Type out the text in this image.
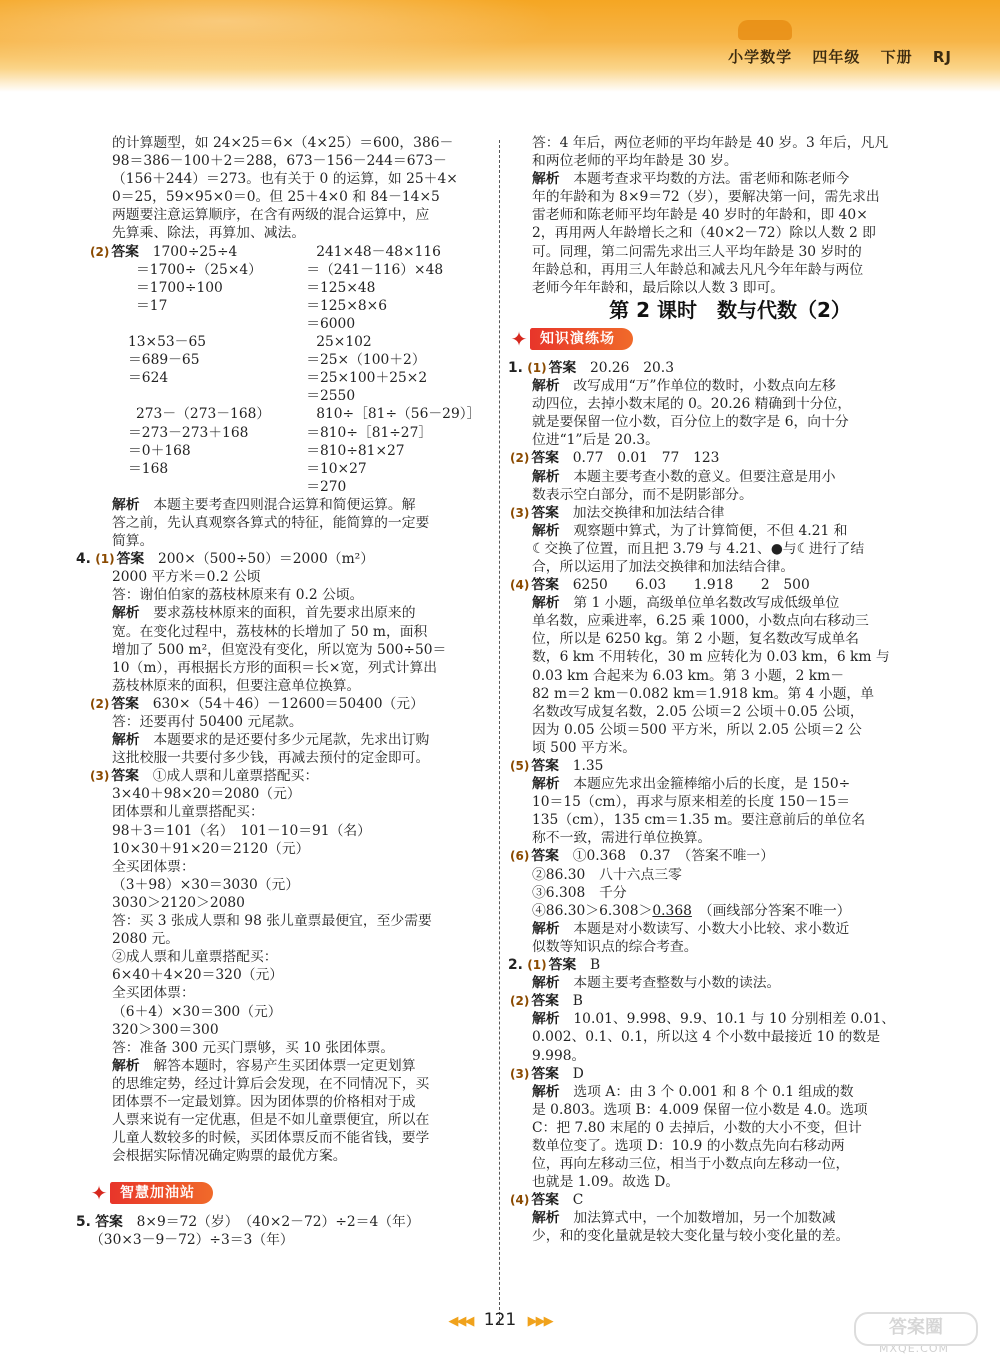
小学数学 四年级 下册 RJ
的计算题型，如 24×25＝6×（4×25）＝600，386－
98＝386－100＋2＝288，673－156－244＝673－
（156＋244）＝273。也有关于 0 的运算，如 25＋4×
0＝25，59×95×0＝0。但 25＋4×0 和 84－14×5
两题要注意运算顺序，在含有两级的混合运算中，应
先算乘、除法，再算加、减法。
(2) 答案　 1700÷25÷4
＝1700÷（25×4）
＝1700÷100
＝17

13×53－65
＝689－65
＝624

273－（273－168）
＝273－273＋168
＝0＋168
＝168
241×48－48×116
＝（241－116）×48
＝125×48
＝125×8×6
＝6000
25×102
＝25×（100＋2）
＝25×100＋25×2
＝2550
810÷［81÷（56－29）］
＝810÷［81÷27］
＝810÷81×27
＝10×27
＝270
解析　 本题主要考查四则混合运算和简便运算。解
答之前，先认真观察各算式的特征，能简算的一定要
简算。
4. (1) 答案　 200×（500÷50）＝2000（m²）
2000 平方米＝0.2 公顷
答：谢伯伯家的荔枝林原来有 0.2 公顷。
解析　 要求荔枝林原来的面积，首先要求出原来的
宽。在变化过程中，荔枝林的长增加了 50 m，面积
增加了 500 m²，但宽没有变化，所以宽为 500÷50＝
10（m），再根据长方形的面积＝长×宽，列式计算出
荔枝林原来的面积，但要注意单位换算。
(2) 答案　 630×（54＋46）－12600＝50400（元）
答：还要再付 50400 元尾款。
解析　 本题要求的是还要付多少元尾款，先求出订购
这批校服一共要付多少钱，再减去预付的定金即可。
(3) 答案　 ①成人票和儿童票搭配买：
3×40＋98×20＝2080（元）
团体票和儿童票搭配买：
98＋3＝101（名）　101－10＝91（名）
10×30＋91×20＝2120（元）
全买团体票：
（3＋98）×30＝3030（元）
3030＞2120＞2080
答：买 3 张成人票和 98 张儿童票最便宜，至少需要
2080 元。
②成人票和儿童票搭配买：
6×40＋4×20＝320（元）
全买团体票：
（6＋4）×30＝300（元）
320＞300＝300
答：准备 300 元买门票够，买 10 张团体票。
解析　 解答本题时，容易产生买团体票一定更划算
的思维定势，经过计算后会发现，在不同情况下，买
团体票不一定最划算。因为团体票的价格相对于成
人票来说有一定优惠，但是不如儿童票便宜，所以在
儿童人数较多的时候，买团体票反而不能省钱，要学
会根据实际情况确定购票的最优方案。
✦ 智慧加油站
5. 答案　 8×9＝72（岁）　（40×2－72）÷2＝4（年）
（30×3－9－72）÷3＝3（年）
答：4 年后，两位老师的平均年龄是 40 岁。3 年后，凡凡
和两位老师的平均年龄是 30 岁。
解析　 本题考查求平均数的方法。雷老师和陈老师今
年的年龄和为 8×9＝72（岁），要解决第一问，需先求出
雷老师和陈老师平均年龄是 40 岁时的年龄和，即 40×
2，再用两人年龄增长之和（40×2－72）除以人数 2 即
可。同理，第二问需先求出三人平均年龄是 30 岁时的
年龄总和，再用三人年龄总和减去凡凡今年年龄与两位
老师今年年龄和，最后除以人数 3 即可。
第 2 课时　数与代数（2）
✦ 知识演练场
1. (1) 答案　 20.26　20.3
解析　 改写成用“万”作单位的数时，小数点向左移
动四位，去掉小数末尾的 0。20.26 精确到十分位，
就是要保留一位小数，百分位上的数字是 6，向十分
位进“1”后是 20.3。
(2) 答案　 0.77　0.01　77　123
解析　 本题主要考查小数的意义。但要注意是用小
数表示空白部分，而不是阴影部分。
(3) 答案　 加法交换律和加法结合律
解析　 观察题中算式，为了计算简便，不但 4.21 和
☾交换了位置，而且把 3.79 与 4.21、●与☾进行了结
合，所以运用了加法交换律和加法结合律。
(4) 答案　 6250　　6.03　　1.918　　2　500
解析　 第 1 小题，高级单位单名数改写成低级单位
单名数，应乘进率，6.25 乘 1000，小数点向右移动三
位，所以是 6250 kg。第 2 小题，复名数改写成单名
数，6 km 不用转化，30 m 应转化为 0.03 km，6 km 与
0.03 km 合起来为 6.03 km。第 3 小题，2 km－
82 m＝2 km－0.082 km＝1.918 km。第 4 小题，单
名数改写成复名数，2.05 公顷＝2 公顷＋0.05 公顷，
因为 0.05 公顷＝500 平方米，所以 2.05 公顷＝2 公
顷 500 平方米。
(5) 答案　 1.35
解析　 本题应先求出金箍棒缩小后的长度，是 150÷
10＝15（cm），再求与原来相差的长度 150－15＝
135（cm），135 cm＝1.35 m。要注意前后的单位名
称不一致，需进行单位换算。
(6) 答案　 ①0.368　0.37　（答案不唯一）
②86.30　八十六点三零
③6.308　千分
④86.30＞6.308＞0.368　 （画线部分答案不唯一）
解析　 本题是对小数读写、小数大小比较、求小数近
似数等知识点的综合考查。
2. (1) 答案　 B
解析　 本题主要考查整数与小数的读法。
(2) 答案　 B
解析　 10.01、9.998、9.9、10.1 与 10 分别相差 0.01、
0.002、0.1、0.1，所以这 4 个小数中最接近 10 的数是
9.998。
(3) 答案　 D
解析　 选项 A：由 3 个 0.001 和 8 个 0.1 组成的数
是 0.803。选项 B：4.009 保留一位小数是 4.0。选项
C：把 7.80 末尾的 0 去掉后，小数的大小不变，但计
数单位变了。选项 D：10.9 的小数点先向右移动两
位，再向左移动三位，相当于小数点向左移动一位，
也就是 1.09。故选 D。
(4) 答案　 C
解析　 加法算式中，一个加数增加，另一个加数减
少，和的变化量就是较大变化量与较小变化量的差。
◀◀◀ 121 ▶▶▶	答案圈
MXQE.COM
